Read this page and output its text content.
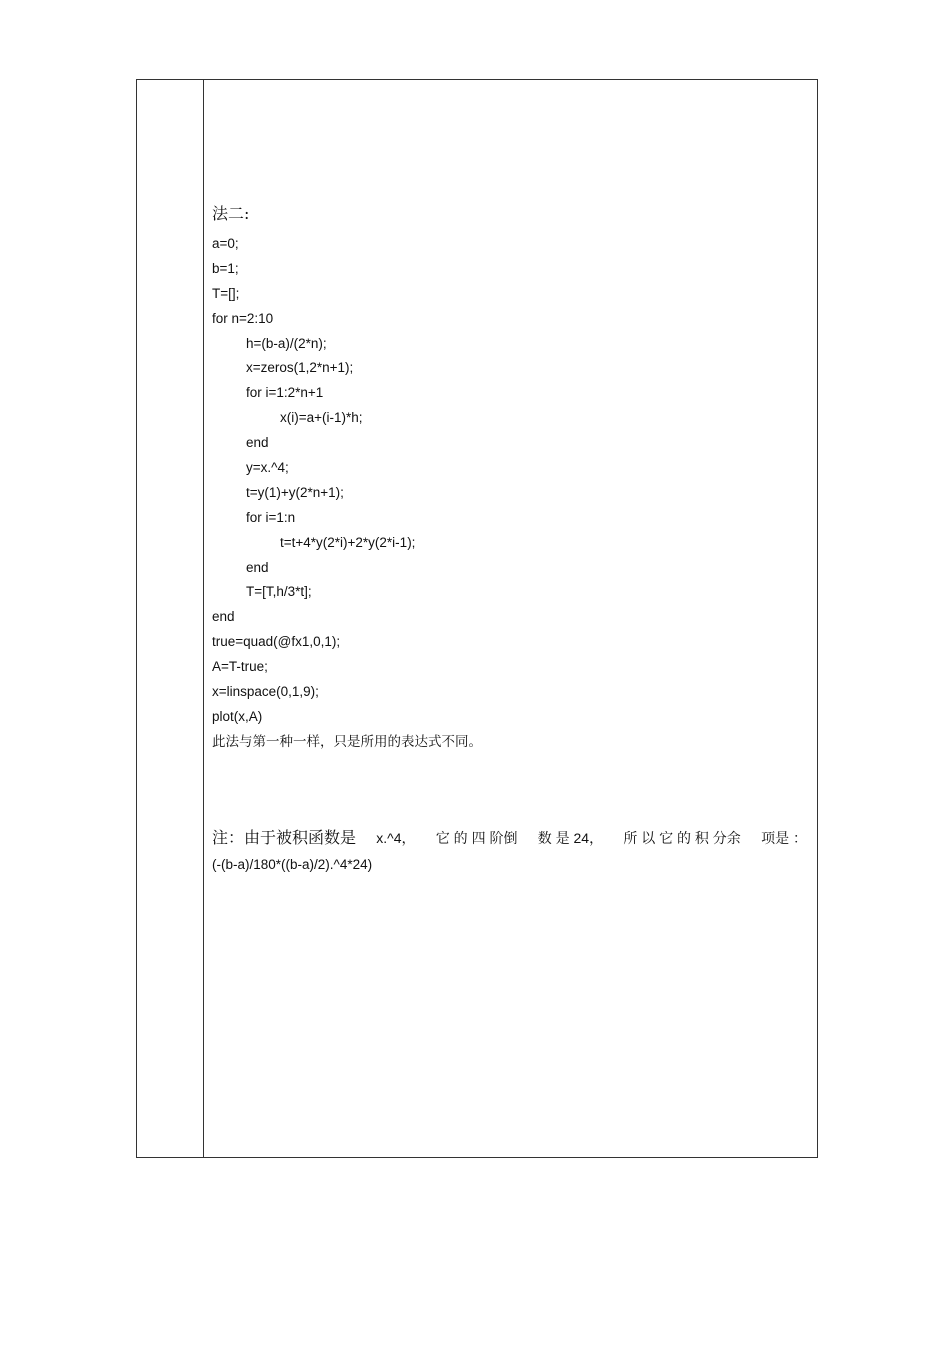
法二:
a=0;
b=1;
T=[];
for n=2:10
h=(b-a)/(2*n);
x=zeros(1,2*n+1);
for i=1:2*n+1
x(i)=a+(i-1)*h;
end
y=x.^4;
t=y(1)+y(2*n+1);
for i=1:n
t=t+4*y(2*i)+2*y(2*i-1);
end
T=[T,h/3*t];
end
true=quad(@fx1,0,1);
A=T-true;
x=linspace(0,1,9);
plot(x,A)
此法与第一种一样，只是所用的表达式不同。
注：由于被积函数是 x.^4， 它 的 四 阶倒 数 是 24， 所 以 它 的 积 分余 项是 ：
(-(b-a)/180*((b-a)/2).^4*24)
